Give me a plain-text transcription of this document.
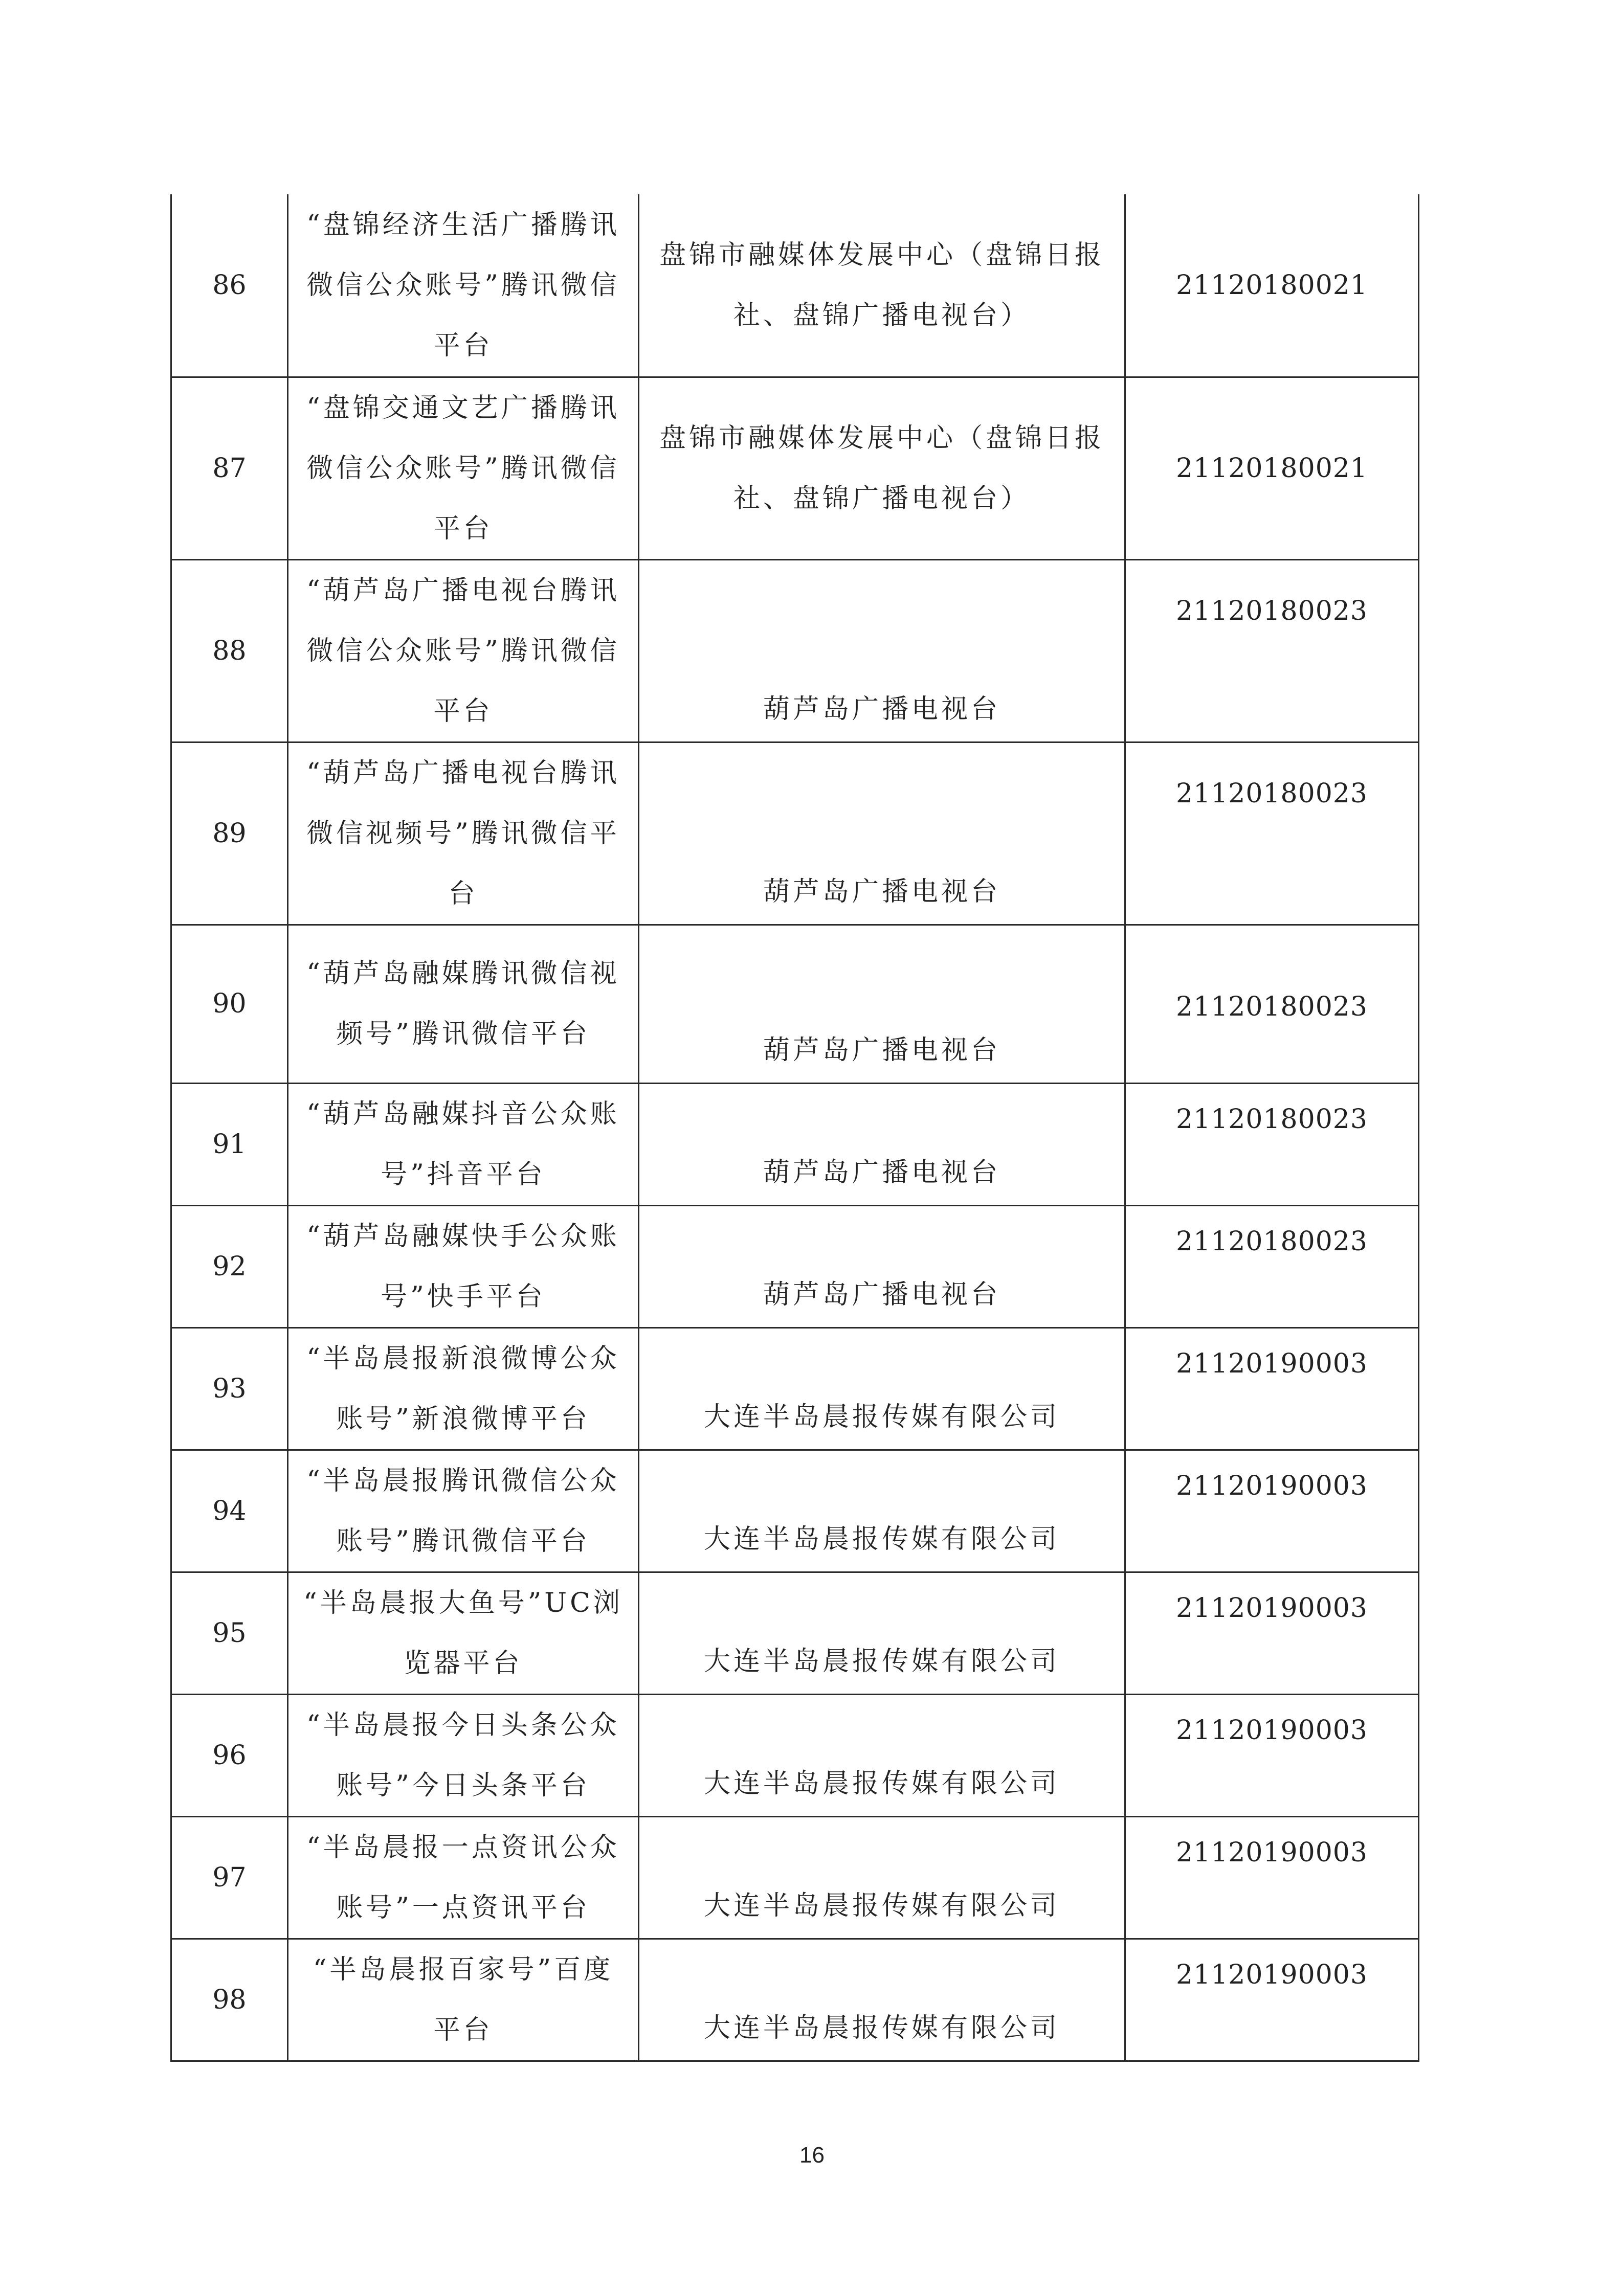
86	“盘锦经济生活广播腾讯微信公众账号”腾讯微信平台	盘锦市融媒体发展中心（盘锦日报社、盘锦广播电视台）	21120180021
87	“盘锦交通文艺广播腾讯微信公众账号”腾讯微信平台	盘锦市融媒体发展中心（盘锦日报社、盘锦广播电视台）	21120180021
88	“葫芦岛广播电视台腾讯微信公众账号”腾讯微信平台	葫芦岛广播电视台	21120180023
89	“葫芦岛广播电视台腾讯微信视频号”腾讯微信平台	葫芦岛广播电视台	21120180023
90	“葫芦岛融媒腾讯微信视频号”腾讯微信平台	葫芦岛广播电视台	21120180023
91	“葫芦岛融媒抖音公众账号”抖音平台	葫芦岛广播电视台	21120180023
92	“葫芦岛融媒快手公众账号”快手平台	葫芦岛广播电视台	21120180023
93	“半岛晨报新浪微博公众账号”新浪微博平台	大连半岛晨报传媒有限公司	21120190003
94	“半岛晨报腾讯微信公众账号”腾讯微信平台	大连半岛晨报传媒有限公司	21120190003
95	“半岛晨报大鱼号”UC浏览器平台	大连半岛晨报传媒有限公司	21120190003
96	“半岛晨报今日头条公众账号”今日头条平台	大连半岛晨报传媒有限公司	21120190003
97	“半岛晨报一点资讯公众账号”一点资讯平台	大连半岛晨报传媒有限公司	21120190003
98	“半岛晨报百家号”百度平台	大连半岛晨报传媒有限公司	21120190003
16
